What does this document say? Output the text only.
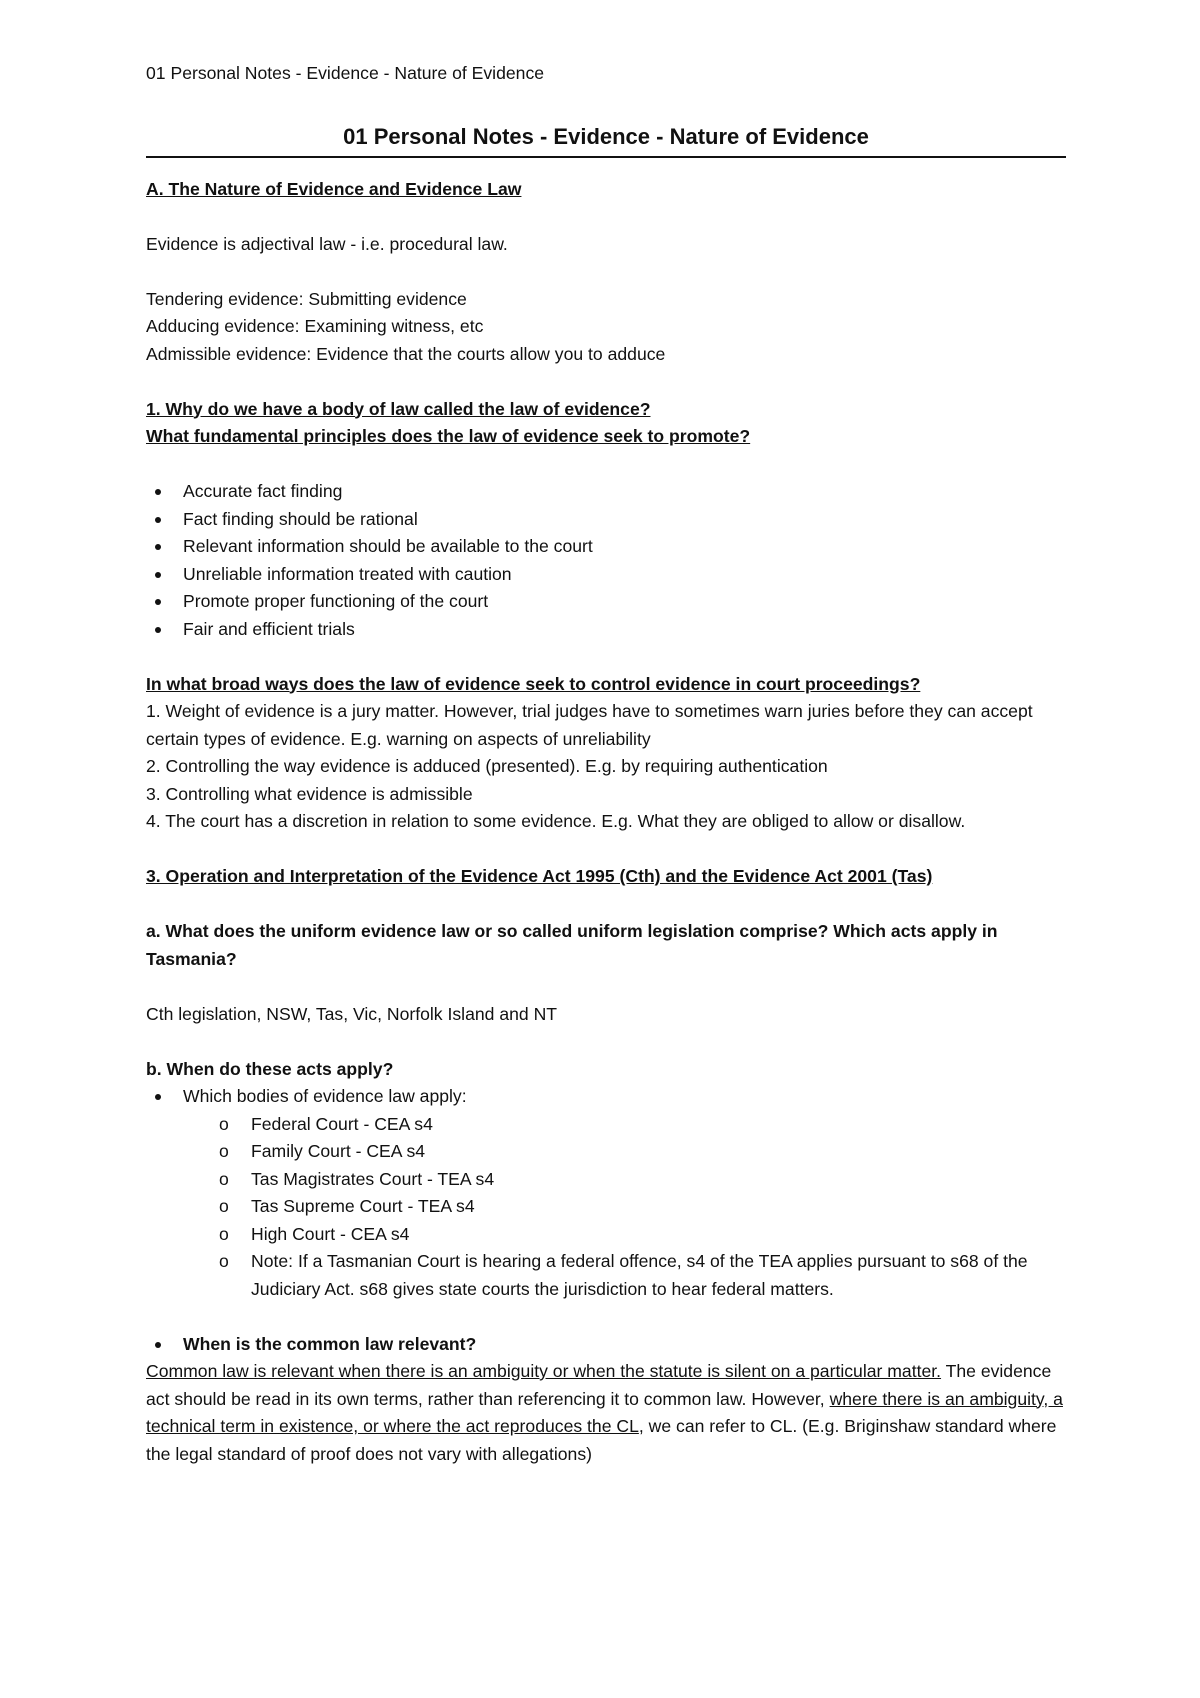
01 Personal Notes - Evidence - Nature of Evidence

01 Personal Notes - Evidence - Nature of Evidence

A. The Nature of Evidence and Evidence Law

Evidence is adjectival law - i.e. procedural law.

Tendering evidence: Submitting evidence

Adducing evidence: Examining witness, etc

Admissible evidence: Evidence that the courts allow you to adduce

1. Why do we have a body of law called the law of evidence?

What fundamental principles does the law of evidence seek to promote?

Accurate fact finding
Fact finding should be rational
Relevant information should be available to the court
Unreliable information treated with caution
Promote proper functioning of the court
Fair and efficient trials

In what broad ways does the law of evidence seek to control evidence in court proceedings?

1. Weight of evidence is a jury matter. However, trial judges have to sometimes warn juries before they can accept certain types of evidence. E.g. warning on aspects of unreliability

2. Controlling the way evidence is adduced (presented). E.g. by requiring authentication

3. Controlling what evidence is admissible

4. The court has a discretion in relation to some evidence. E.g. What they are obliged to allow or disallow.

3. Operation and Interpretation of the Evidence Act 1995 (Cth) and the Evidence Act 2001 (Tas)

a. What does the uniform evidence law or so called uniform legislation comprise? Which acts apply in Tasmania?

Cth legislation, NSW, Tas, Vic, Norfolk Island and NT

b. When do these acts apply?

Which bodies of evidence law apply:
o Federal Court - CEA s4
o Family Court - CEA s4
o Tas Magistrates Court - TEA s4
o Tas Supreme Court - TEA s4
o High Court - CEA s4
o Note: If a Tasmanian Court is hearing a federal offence, s4 of the TEA applies pursuant to s68 of the Judiciary Act. s68 gives state courts the jurisdiction to hear federal matters.
When is the common law relevant?

Common law is relevant when there is an ambiguity or when the statute is silent on a particular matter. The evidence act should be read in its own terms, rather than referencing it to common law. However, where there is an ambiguity, a technical term in existence, or where the act reproduces the CL, we can refer to CL. (E.g. Briginshaw standard where the legal standard of proof does not vary with allegations)
